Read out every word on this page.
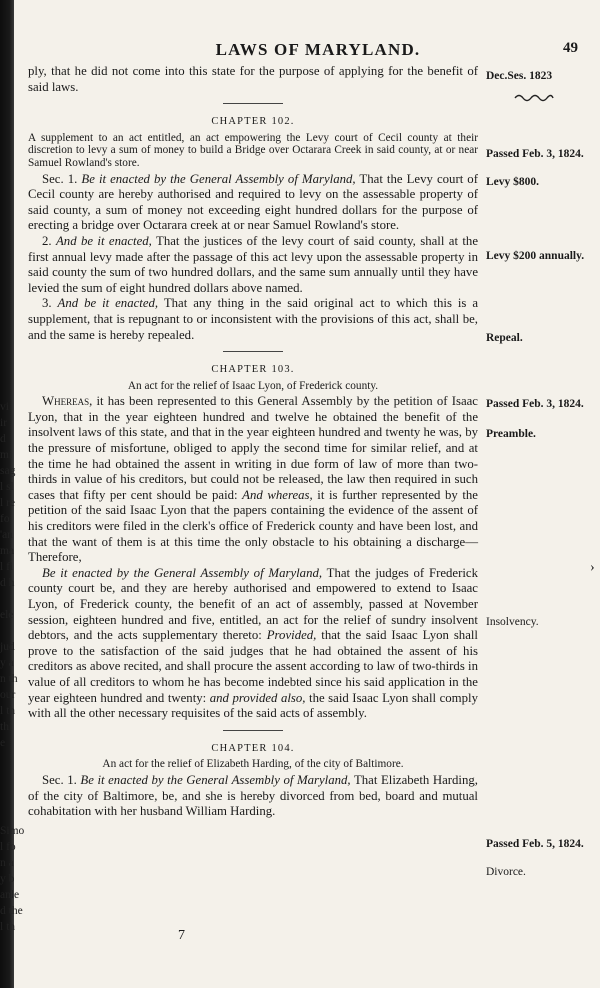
vi
ir
d
mi
sag
l sl
l re
fo
'an
ma
l fi
d h
ele
jud
y a
n th
our
l th
thi
e
Simo
l fo
n a
y b
anle
d the
l th
LAWS OF MARYLAND.	49

ply, that he did not come into this state for the purpose of applying for the benefit of said laws.

CHAPTER 102.

A supplement to an act entitled, an act empowering the Levy court of Cecil county at their discretion to levy a sum of money to build a Bridge over Octarara Creek in said county, at or near Samuel Rowland's store.

Sec. 1. Be it enacted by the General Assembly of Maryland, That the Levy court of Cecil county are hereby authorised and required to levy on the assessable property of said county, a sum of money not exceeding eight hundred dollars for the purpose of erecting a bridge over Octarara creek at or near Samuel Rowland's store.

2. And be it enacted, That the justices of the levy court of said county, shall at the first annual levy made after the passage of this act levy upon the assessable property in said county the sum of two hundred dollars, and the same sum annually until they have levied the sum of eight hundred dollars above named.

3. And be it enacted, That any thing in the said original act to which this is a supplement, that is repugnant to or inconsistent with the provisions of this act, shall be, and the same is hereby repealed.

CHAPTER 103.

An act for the relief of Isaac Lyon, of Frederick county.

Whereas, it has been represented to this General Assembly by the petition of Isaac Lyon, that in the year eighteen hundred and twelve he obtained the benefit of the insolvent laws of this state, and that in the year eighteen hundred and twenty he was, by the pressure of misfortune, obliged to apply the second time for similar relief, and at the time he had obtained the assent in writing in due form of law of more than two-thirds in value of his creditors, but could not be released, the law then required in such cases that fifty per cent should be paid: And whereas, it is further represented by the petition of the said Isaac Lyon that the papers containing the evidence of the assent of his creditors were filed in the clerk's office of Frederick county and have been lost, and that the want of them is at this time the only obstacle to his obtaining a discharge—Therefore,

Be it enacted by the General Assembly of Maryland, That the judges of Frederick county court be, and they are hereby authorised and empowered to extend to Isaac Lyon, of Frederick county, the benefit of an act of assembly, passed at November session, eighteen hundred and five, entitled, an act for the relief of sundry insolvent debtors, and the acts supplementary thereto: Provided, that the said Isaac Lyon shall prove to the satisfaction of the said judges that he had obtained the assent of his creditors as above recited, and shall procure the assent according to law of two-thirds in value of all creditors to whom he has become indebted since his said application in the year eighteen hundred and twenty: and provided also, the said Isaac Lyon shall comply with all the other necessary requisites of the said acts of assembly.

CHAPTER 104.

An act for the relief of Elizabeth Harding, of the city of Baltimore.

Sec. 1. Be it enacted by the General Assembly of Maryland, That Elizabeth Harding, of the city of Baltimore, be, and she is hereby divorced from bed, board and mutual cohabitation with her husband William Harding.

Dec.Ses. 1823
Passed Feb. 3, 1824.
Levy $800.
Levy $200 annually.
Repeal.
Passed Feb. 3, 1824.
Preamble.
Insolvency.
Passed Feb. 5, 1824.
Divorce.
7
›
